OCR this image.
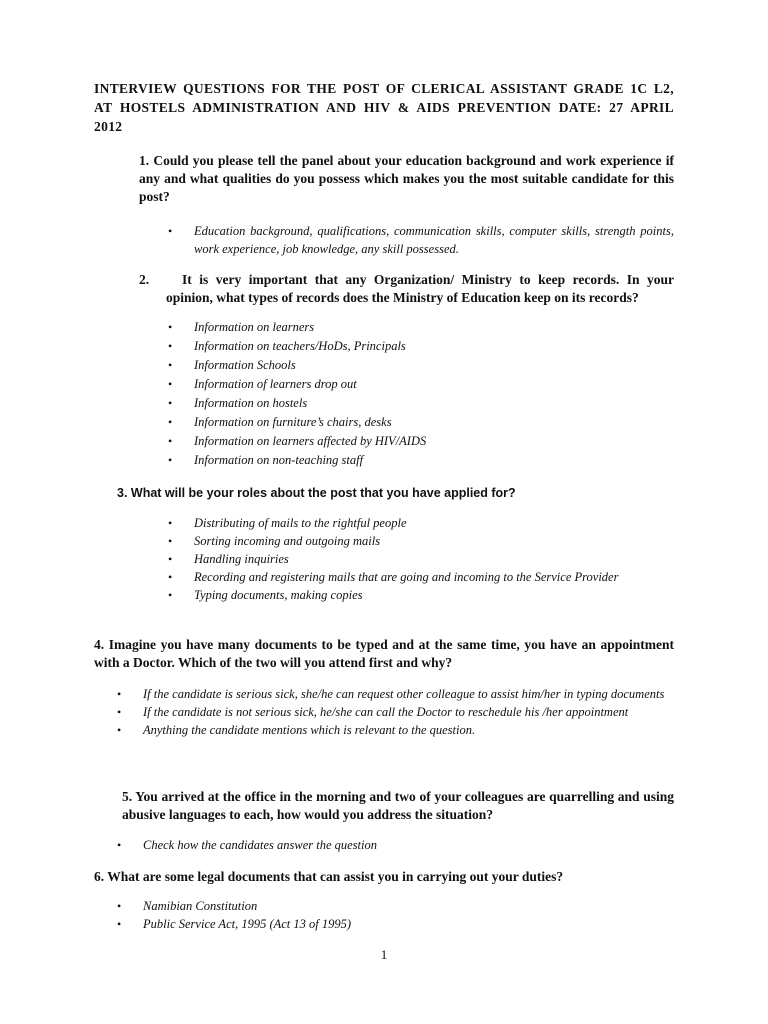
INTERVIEW QUESTIONS FOR THE POST OF CLERICAL ASSISTANT GRADE 1C L2,
AT HOSTELS ADMINISTRATION AND HIV & AIDS PREVENTION DATE: 27 APRIL
2012
1. Could you please tell the panel about your education background and work experience if any and what qualities do you possess which makes you the most suitable candidate for this post?
• Education background, qualifications, communication skills, computer skills, strength points, work experience, job knowledge, any skill possessed.
2.	It is very important that any Organization/ Ministry to keep records. In your opinion, what types of records does the Ministry of Education keep on its records?
• Information on learners
• Information on teachers/HoDs, Principals
• Information Schools
• Information of learners drop out
• Information on hostels
• Information on furniture’s chairs, desks
• Information on learners affected by HIV/AIDS
• Information on non-teaching staff
3. What will be your roles about the post that you have applied for?
• Distributing of mails to the rightful people
• Sorting incoming and outgoing mails
• Handling inquiries
• Recording and registering mails that are going and incoming to the Service Provider
• Typing documents, making copies
4. Imagine you have many documents to be typed and at the same time, you have an appointment with a Doctor. Which of the two will you attend first and why?
• If the candidate is serious sick, she/he can request other colleague to assist him/her in typing documents
• If the candidate is not serious sick, he/she can call the Doctor to reschedule his /her appointment
• Anything the candidate mentions which is relevant to the question.
5. You arrived at the office in the morning and two of your colleagues are quarrelling and using abusive languages to each, how would you address the situation?
• Check how the candidates answer the question
6. What are some legal documents that can assist you in carrying out your duties?
• Namibian Constitution
• Public Service Act, 1995 (Act 13 of 1995)
1
